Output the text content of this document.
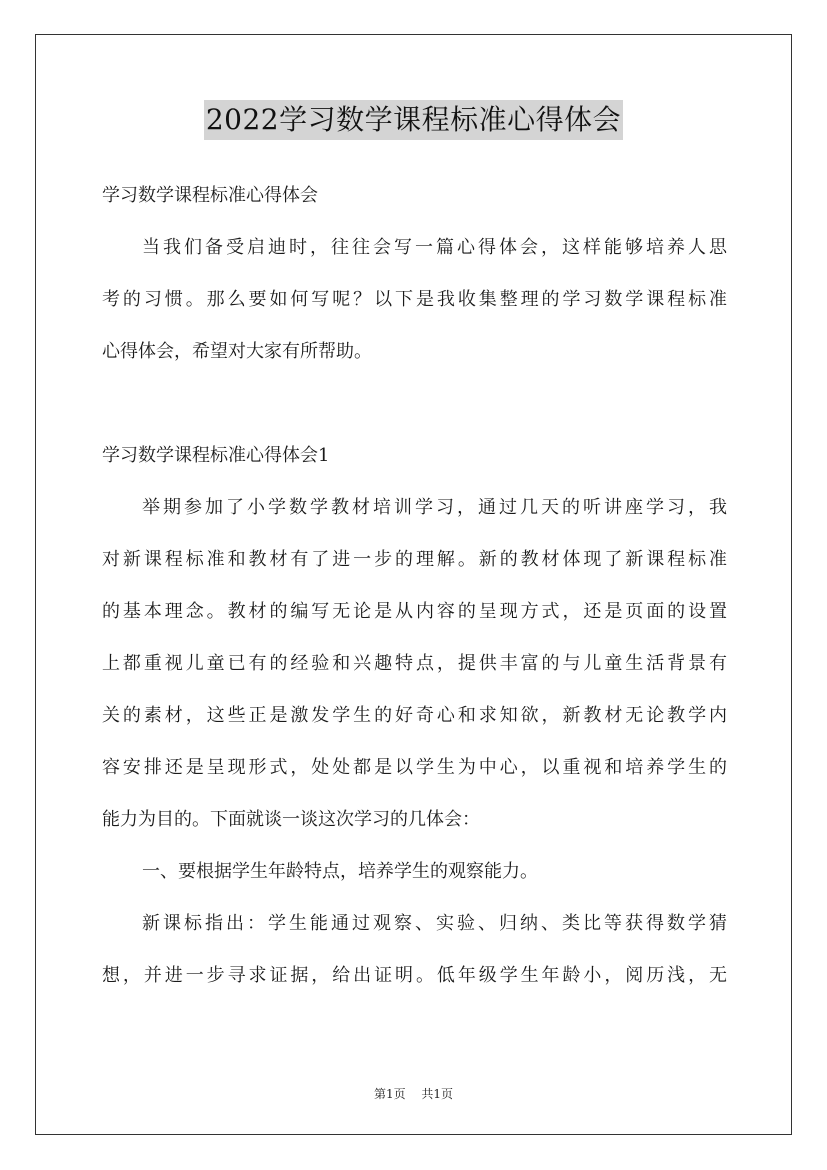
2022学习数学课程标准心得体会
学习数学课程标准心得体会
当我们备受启迪时，往往会写一篇心得体会，这样能够培养人思
考的习惯。那么要如何写呢？以下是我收集整理的学习数学课程标准
心得体会，希望对大家有所帮助。
学习数学课程标准心得体会1
举期参加了小学数学教材培训学习，通过几天的听讲座学习，我
对新课程标准和教材有了进一步的理解。新的教材体现了新课程标准
的基本理念。教材的编写无论是从内容的呈现方式，还是页面的设置
上都重视儿童已有的经验和兴趣特点，提供丰富的与儿童生活背景有
关的素材，这些正是激发学生的好奇心和求知欲，新教材无论教学内
容安排还是呈现形式，处处都是以学生为中心，以重视和培养学生的
能力为目的。下面就谈一谈这次学习的几体会：
一、要根据学生年龄特点，培养学生的观察能力。
新课标指出：学生能通过观察、实验、归纳、类比等获得数学猜
想，并进一步寻求证据，给出证明。低年级学生年龄小，阅历浅，无
第1页 共1页
